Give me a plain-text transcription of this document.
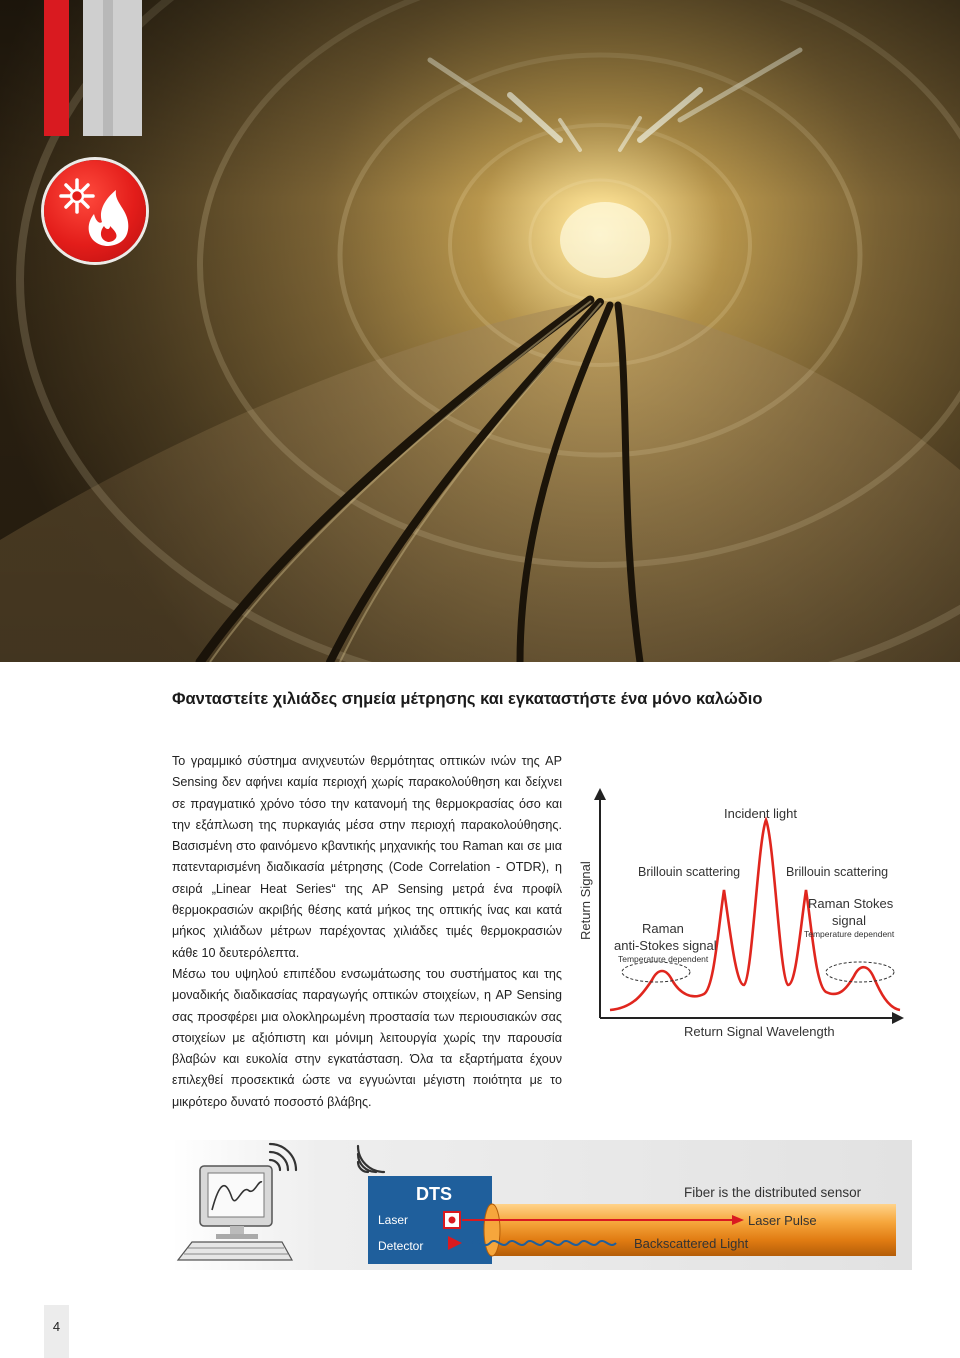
Φανταστείτε χιλιάδες σημεία μέτρησης και εγκαταστήστε ένα μόνο καλώδιο

Το γραμμικό σύστημα ανιχνευτών θερμότητας οπτικών ινών της AP Sensing δεν αφήνει καμία περιοχή χωρίς παρακολούθηση και δείχνει σε πραγματικό χρόνο τόσο την κατανομή της θερμοκρασίας όσο και την εξάπλωση της πυρκαγιάς μέσα στην περιοχή παρακολούθησης. Βασισμένη στο φαινόμενο κβαντικής μηχανικής του Raman και σε μια πατενταρισμένη διαδικασία μέτρησης (Code Correlation - OTDR), η σειρά „Linear Heat Series“ της AP Sensing μετρά ένα προφίλ θερμοκρασιών ακριβής θέσης κατά μήκος της οπτικής ίνας και κατά μήκος χιλιάδων μέτρων παρέχοντας χιλιάδες τιμές θερμοκρασιών κάθε 10 δευτερόλεπτα.

Μέσω του υψηλού επιπέδου ενσωμάτωσης του συστήματος και της μοναδικής διαδικασίας παραγωγής οπτικών στοιχείων, η AP Sensing σας προσφέρει μια ολοκληρωμένη προστασία των περιουσιακών σας στοιχείων με αξιόπιστη και μόνιμη λειτουργία χωρίς την παρουσία βλαβών και ευκολία στην εγκατάσταση. Όλα τα εξαρτήματα έχουν επιλεχθεί προσεκτικά ώστε να εγγυώνται μέγιστη ποιότητα με το μικρότερο δυνατό ποσοστό βλάβης.

Return Signal
Return Signal Wavelength
Incident light
Brillouin scattering	Brillouin scattering
Raman
anti-Stokes signal
Temperature dependent
Raman Stokes
signal
Temperature dependent
DTS
Laser
Detector
Fiber is the distributed sensor
Laser Pulse
Backscattered Light
4
